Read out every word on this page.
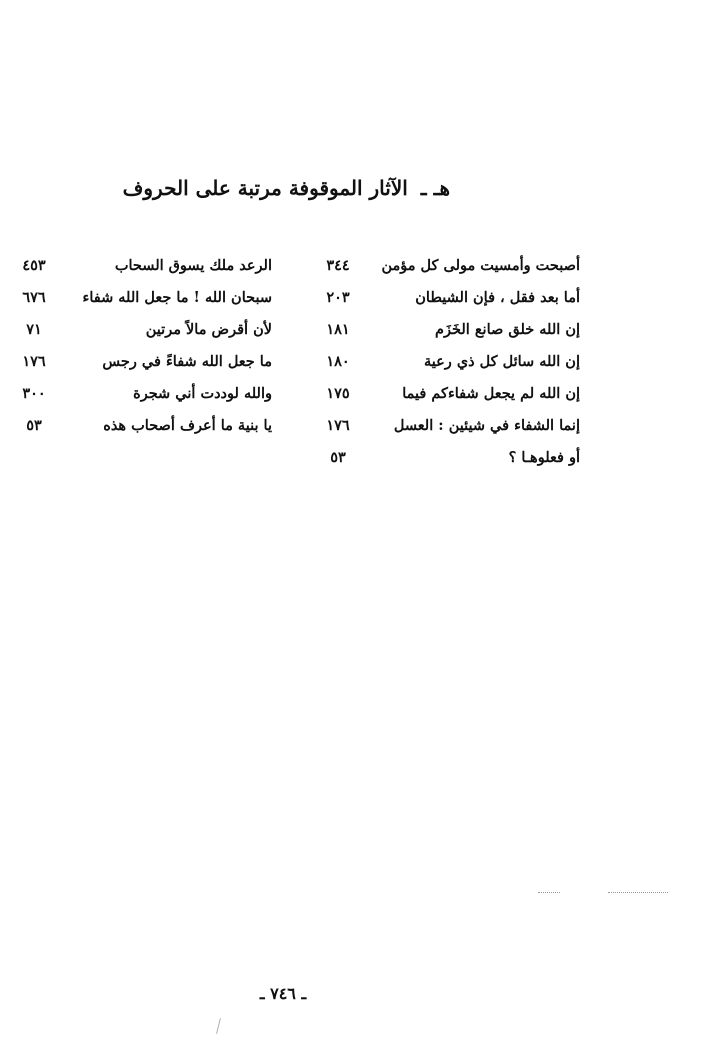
هـ ـ الآثار الموقوفة مرتبة على الحروف
أصبحت وأمسيت مولى كل مؤمن
٣٤٤
أما بعد فقل ، فإن الشيطان
٢٠٣
إن الله خلق صانع الخَزَم
١٨١
إن الله سائل كل ذي رعية
١٨٠
إن الله لم يجعل شفاءكم فيما
١٧٥
إنما الشفاء في شيئين : العسل
١٧٦
أو فعلوهـا ؟
٥٣
الرعد ملك يسوق السحاب
٤٥٣
سبحان الله ! ما جعل الله شفاء
٦٧٦
لأن أقرض مالاً مرتين
٧١
ما جعل الله شفاءً في رجس
١٧٦
والله لوددت أني شجرة
٣٠٠
يا بنية ما أعرف أصحاب هذه
٥٣
ـ ٧٤٦ ـ
